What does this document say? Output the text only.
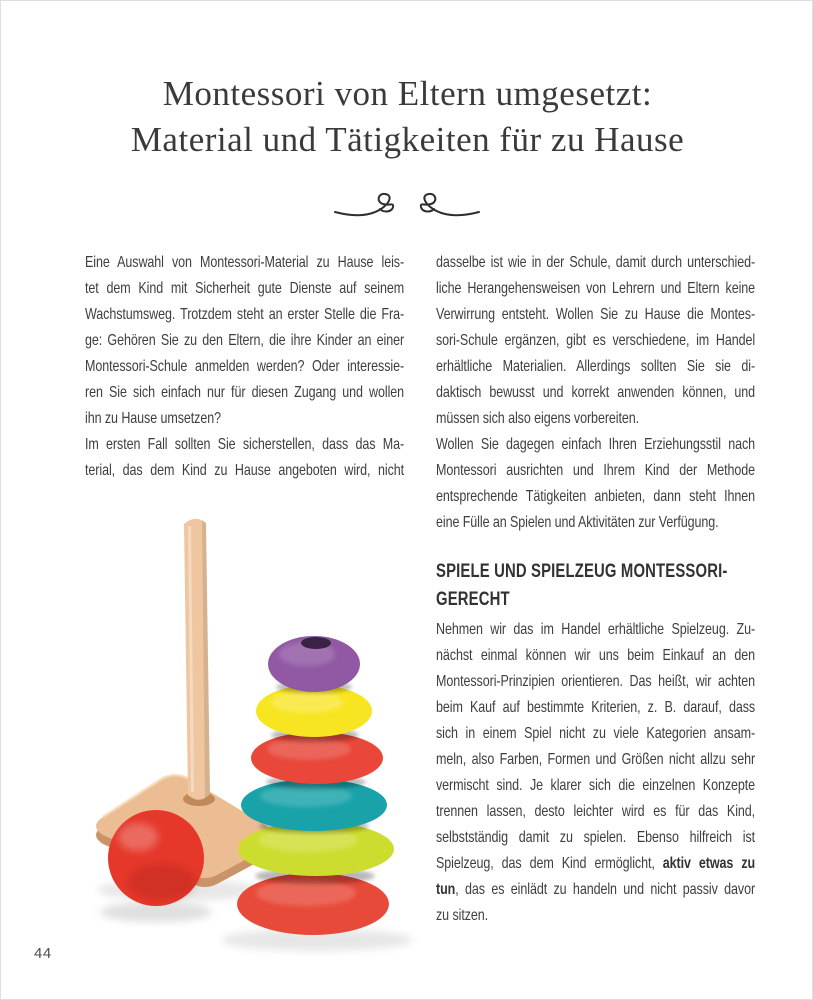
Montessori von Eltern umgesetzt:
Material und Tätigkeiten für zu Hause
Eine Auswahl von Montessori-Material zu Hause leis-
tet dem Kind mit Sicherheit gute Dienste auf seinem
Wachstumsweg. Trotzdem steht an erster Stelle die Fra-
ge: Gehören Sie zu den Eltern, die ihre Kinder an einer
Montessori-Schule anmelden werden? Oder interessie-
ren Sie sich einfach nur für diesen Zugang und wollen
ihn zu Hause umsetzen?
Im ersten Fall sollten Sie sicherstellen, dass das Ma-
terial, das dem Kind zu Hause angeboten wird, nicht
dasselbe ist wie in der Schule, damit durch unterschied-
liche Herangehensweisen von Lehrern und Eltern keine
Verwirrung entsteht. Wollen Sie zu Hause die Montes-
sori-Schule ergänzen, gibt es verschiedene, im Handel
erhältliche Materialien. Allerdings sollten Sie sie di-
daktisch bewusst und korrekt anwenden können, und
müssen sich also eigens vorbereiten.
Wollen Sie dagegen einfach Ihren Erziehungsstil nach
Montessori ausrichten und Ihrem Kind der Methode
entsprechende Tätigkeiten anbieten, dann steht Ihnen
eine Fülle an Spielen und Aktivitäten zur Verfügung.
SPIELE UND SPIELZEUG MONTESSORI-
GERECHT
Nehmen wir das im Handel erhältliche Spielzeug. Zu-
nächst einmal können wir uns beim Einkauf an den
Montessori-Prinzipien orientieren. Das heißt, wir achten
beim Kauf auf bestimmte Kriterien, z. B. darauf, dass
sich in einem Spiel nicht zu viele Kategorien ansam-
meln, also Farben, Formen und Größen nicht allzu sehr
vermischt sind. Je klarer sich die einzelnen Konzepte
trennen lassen, desto leichter wird es für das Kind,
selbstständig damit zu spielen. Ebenso hilfreich ist
Spielzeug, das dem Kind ermöglicht, aktiv etwas zu
tun, das es einlädt zu handeln und nicht passiv davor
zu sitzen.
44
